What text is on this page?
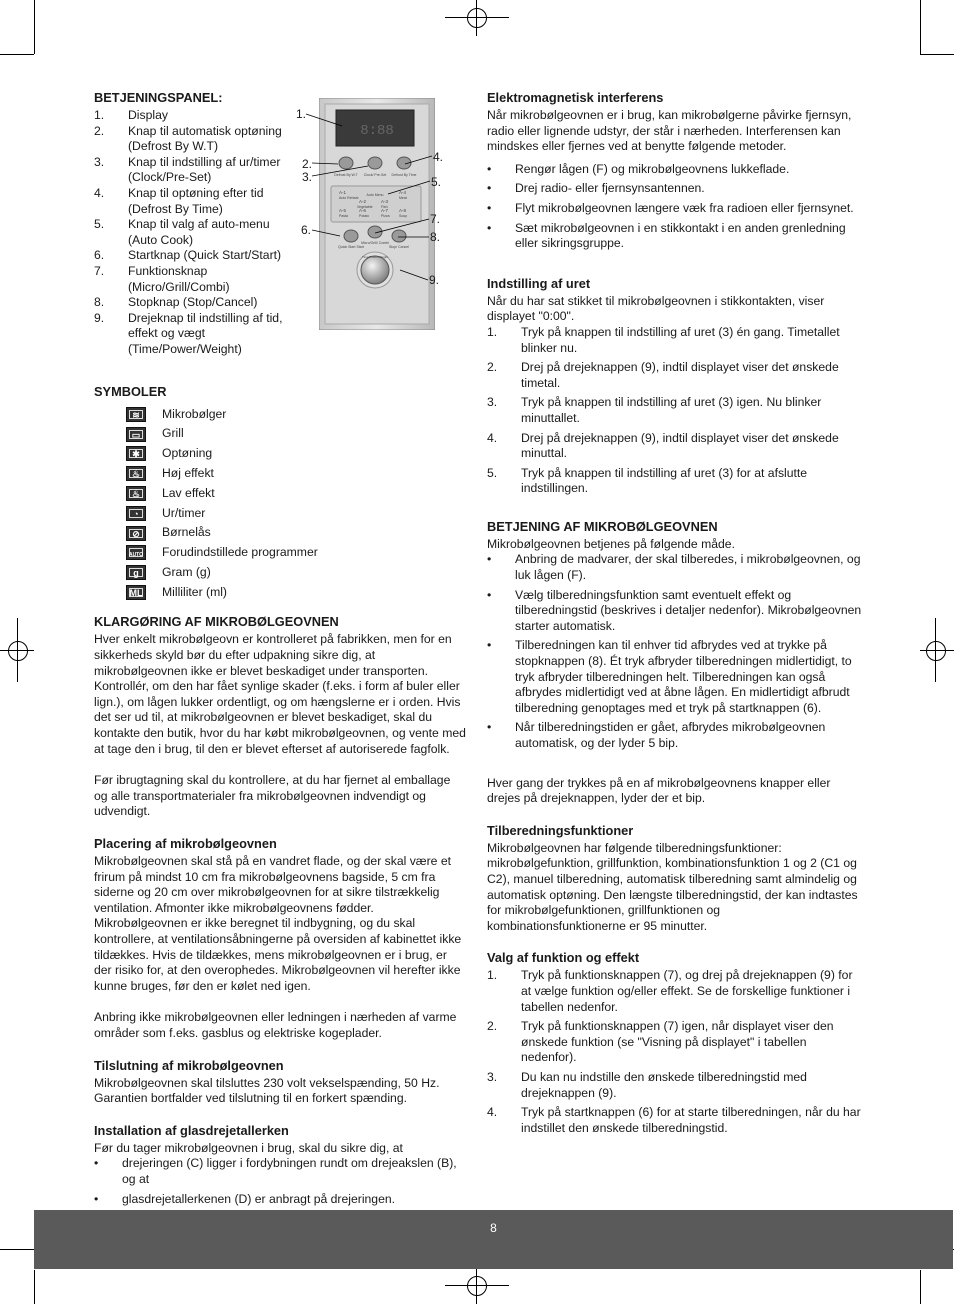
BETJENINGSPANEL:
1. Display
2. Knap til automatisk optøning (Defrost By W.T)
3. Knap til indstilling af ur/timer (Clock/Pre-Set)
4. Knap til optøning efter tid (Defrost By Time)
5. Knap til valg af auto-menu (Auto Cook)
6. Startknap (Quick Start/Start)
7. Funktionsknap (Micro/Grill/Combi)
8. Stopknap (Stop/Cancel)
9. Drejeknap til indstilling af tid, effekt og vægt (Time/Power/Weight)
SYMBOLER
≋	Mikrobølger
▭	Grill
✱	Optøning
♨	Høj effekt
♨	Lav effekt
◔	Ur/timer
⊘	Børnelås
AUTO Forudindstillede programmer
g	Gram (g)
ML Milliliter (ml)
KLARGØRING AF MIKROBØLGEOVNEN

Hver enkelt mikrobølgeovn er kontrolleret på fabrikken, men for en sikkerheds skyld bør du efter udpakning sikre dig, at mikrobølgeovnen ikke er blevet beskadiget under transporten. Kontrollér, om den har fået synlige skader (f.eks. i form af buler eller lign.), om lågen lukker ordentligt, og om hængslerne er i orden. Hvis det ser ud til, at mikrobølgeovnen er blevet beskadiget, skal du kontakte den butik, hvor du har købt mikrobølgeovnen, og vente med at tage den i brug, til den er blevet efterset af autoriserede fagfolk.

Før ibrugtagning skal du kontrollere, at du har fjernet al emballage og alle transportmaterialer fra mikrobølgeovnen indvendigt og udvendigt.

Placering af mikrobølgeovnen

Mikrobølgeovnen skal stå på en vandret flade, og der skal være et frirum på mindst 10 cm fra mikrobølgeovnens bagside, 5 cm fra siderne og 20 cm over mikrobølgeovnen for at sikre tilstrækkelig ventilation. Afmonter ikke mikrobølgeovnens fødder. Mikrobølgeovnen er ikke beregnet til indbygning, og du skal kontrollere, at ventilationsåbningerne på oversiden af kabinettet ikke tildækkes. Hvis de tildækkes, mens mikrobølgeovnen er i brug, er der risiko for, at den overophedes. Mikrobølgeovnen vil herefter ikke kunne bruges, før den er kølet ned igen.

Anbring ikke mikrobølgeovnen eller ledningen i nærheden af varme områder som f.eks. gasblus og elektriske kogeplader.

Tilslutning af mikrobølgeovnen

Mikrobølgeovnen skal tilsluttes 230 volt vekselspænding, 50 Hz. Garantien bortfalder ved tilslutning til en forkert spænding.

Installation af glasdrejetallerken

Før du tager mikrobølgeovnen i brug, skal du sikre dig, at

• drejeringen (C) ligger i fordybningen rundt om drejeakslen (B), og at
• glasdrejetallerkenen (D) er anbragt på drejeringen.
8:88
Defrost By W.T Clock/ Pre-Set Defrost By Time
Auto Menu
A-1
Auto Reheat
A-2
Vegetable
A-3
Fish
A-4
Meat
A-5
Pasta
A-6
Potato
A-7
Pizza
A-8
Soup
Quick Start Start
Micro/Grill/ Combi
Stop/ Cancel
Time/Power/Weight
1.
2.
3.
4.
5.
6.
7.
8.
9.
Elektromagnetisk interferens

Når mikrobølgeovnen er i brug, kan mikrobølgerne påvirke fjernsyn, radio eller lignende udstyr, der står i nærheden. Interferensen kan mindskes eller fjernes ved at benytte følgende metoder.

• Rengør lågen (F) og mikrobølgeovnens lukkeflade.
• Drej radio- eller fjernsynsantennen.
• Flyt mikrobølgeovnen længere væk fra radioen eller fjernsynet.
• Sæt mikrobølgeovnen i en stikkontakt i en anden grenledning eller sikringsgruppe.
Indstilling af uret

Når du har sat stikket til mikrobølgeovnen i stikkontakten, viser displayet "0:00".

1. Tryk på knappen til indstilling af uret (3) én gang. Timetallet blinker nu.
2. Drej på drejeknappen (9), indtil displayet viser det ønskede timetal.
3. Tryk på knappen til indstilling af uret (3) igen. Nu blinker minuttallet.
4. Drej på drejeknappen (9), indtil displayet viser det ønskede minuttal.
5. Tryk på knappen til indstilling af uret (3) for at afslutte indstillingen.
BETJENING AF MIKROBØLGEOVNEN

Mikrobølgeovnen betjenes på følgende måde.

• Anbring de madvarer, der skal tilberedes, i mikrobølgeovnen, og luk lågen (F).
• Vælg tilberedningsfunktion samt eventuelt effekt og tilberedningstid (beskrives i detaljer nedenfor). Mikrobølgeovnen starter automatisk.
• Tilberedningen kan til enhver tid afbrydes ved at trykke på stopknappen (8). Ét tryk afbryder tilberedningen midlertidigt, to tryk afbryder tilberedningen helt. Tilberedningen kan også afbrydes midlertidigt ved at åbne lågen. En midlertidigt afbrudt tilberedning genoptages med et tryk på startknappen (6).
• Når tilberedningstiden er gået, afbrydes mikrobølgeovnen automatisk, og der lyder 5 bip.

Hver gang der trykkes på en af mikrobølgeovnens knapper eller drejes på drejeknappen, lyder der et bip.

Tilberedningsfunktioner

Mikrobølgeovnen har følgende tilberedningsfunktioner: mikrobølgefunktion, grillfunktion, kombinationsfunktion 1 og 2 (C1 og C2), manuel tilberedning, automatisk tilberedning samt almindelig og automatisk optøning. Den længste tilberedningstid, der kan indtastes for mikrobølgefunktionen, grillfunktionen og kombinationsfunktionerne er 95 minutter.

Valg af funktion og effekt
1. Tryk på funktionsknappen (7), og drej på drejeknappen (9) for at vælge funktion og/eller effekt. Se de forskellige funktioner i tabellen nedenfor.
2. Tryk på funktionsknappen (7) igen, når displayet viser den ønskede funktion (se "Visning på displayet" i tabellen nedenfor).
3. Du kan nu indstille den ønskede tilberedningstid med drejeknappen (9).
4. Tryk på startknappen (6) for at starte tilberedningen, når du har indstillet den ønskede tilberedningstid.
8
